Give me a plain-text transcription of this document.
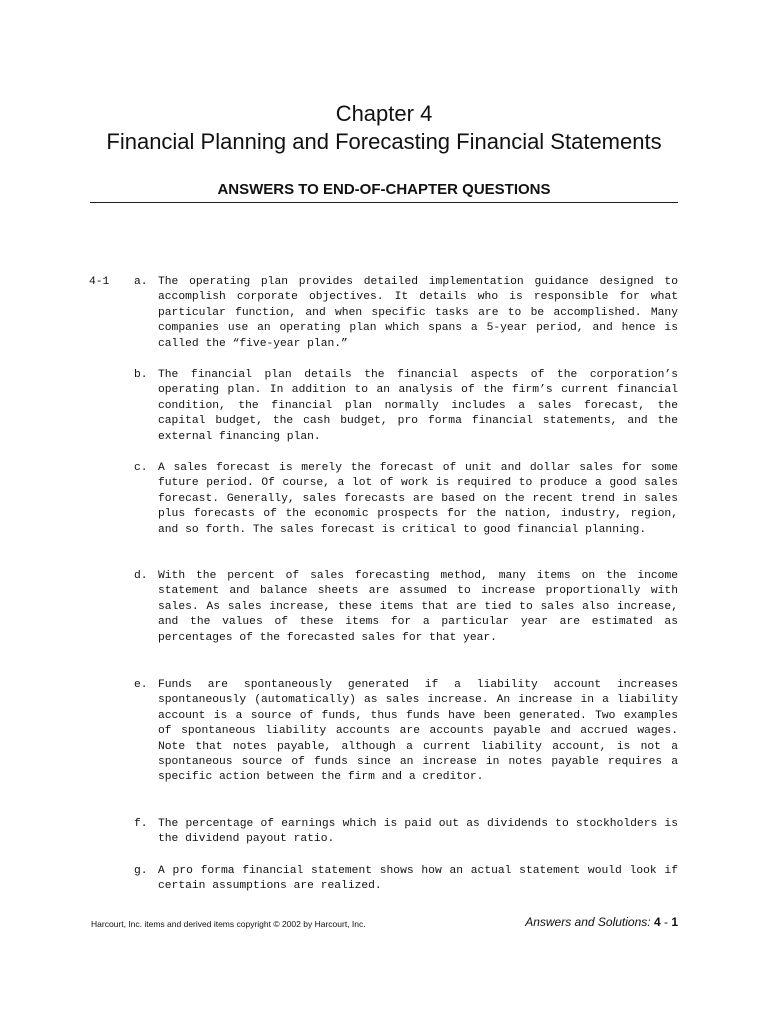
Chapter 4
Financial Planning and Forecasting Financial Statements
ANSWERS TO END-OF-CHAPTER QUESTIONS
4-1 a. The operating plan provides detailed implementation guidance designed to accomplish corporate objectives. It details who is responsible for what particular function, and when specific tasks are to be accomplished. Many companies use an operating plan which spans a 5-year period, and hence is called the “five-year plan.”
b. The financial plan details the financial aspects of the corporation’s operating plan. In addition to an analysis of the firm’s current financial condition, the financial plan normally includes a sales forecast, the capital budget, the cash budget, pro forma financial statements, and the external financing plan.
c. A sales forecast is merely the forecast of unit and dollar sales for some future period. Of course, a lot of work is required to produce a good sales forecast. Generally, sales forecasts are based on the recent trend in sales plus forecasts of the economic prospects for the nation, industry, region, and so forth. The sales forecast is critical to good financial planning.
d. With the percent of sales forecasting method, many items on the income statement and balance sheets are assumed to increase proportionally with sales. As sales increase, these items that are tied to sales also increase, and the values of these items for a particular year are estimated as percentages of the forecasted sales for that year.
e. Funds are spontaneously generated if a liability account increases spontaneously (automatically) as sales increase. An increase in a liability account is a source of funds, thus funds have been generated. Two examples of spontaneous liability accounts are accounts payable and accrued wages. Note that notes payable, although a current liability account, is not a spontaneous source of funds since an increase in notes payable requires a specific action between the firm and a creditor.
f. The percentage of earnings which is paid out as dividends to stockholders is the dividend payout ratio.
g. A pro forma financial statement shows how an actual statement would look if certain assumptions are realized.
Harcourt, Inc. items and derived items copyright © 2002 by Harcourt, Inc.	Answers and Solutions: 4 - 1
